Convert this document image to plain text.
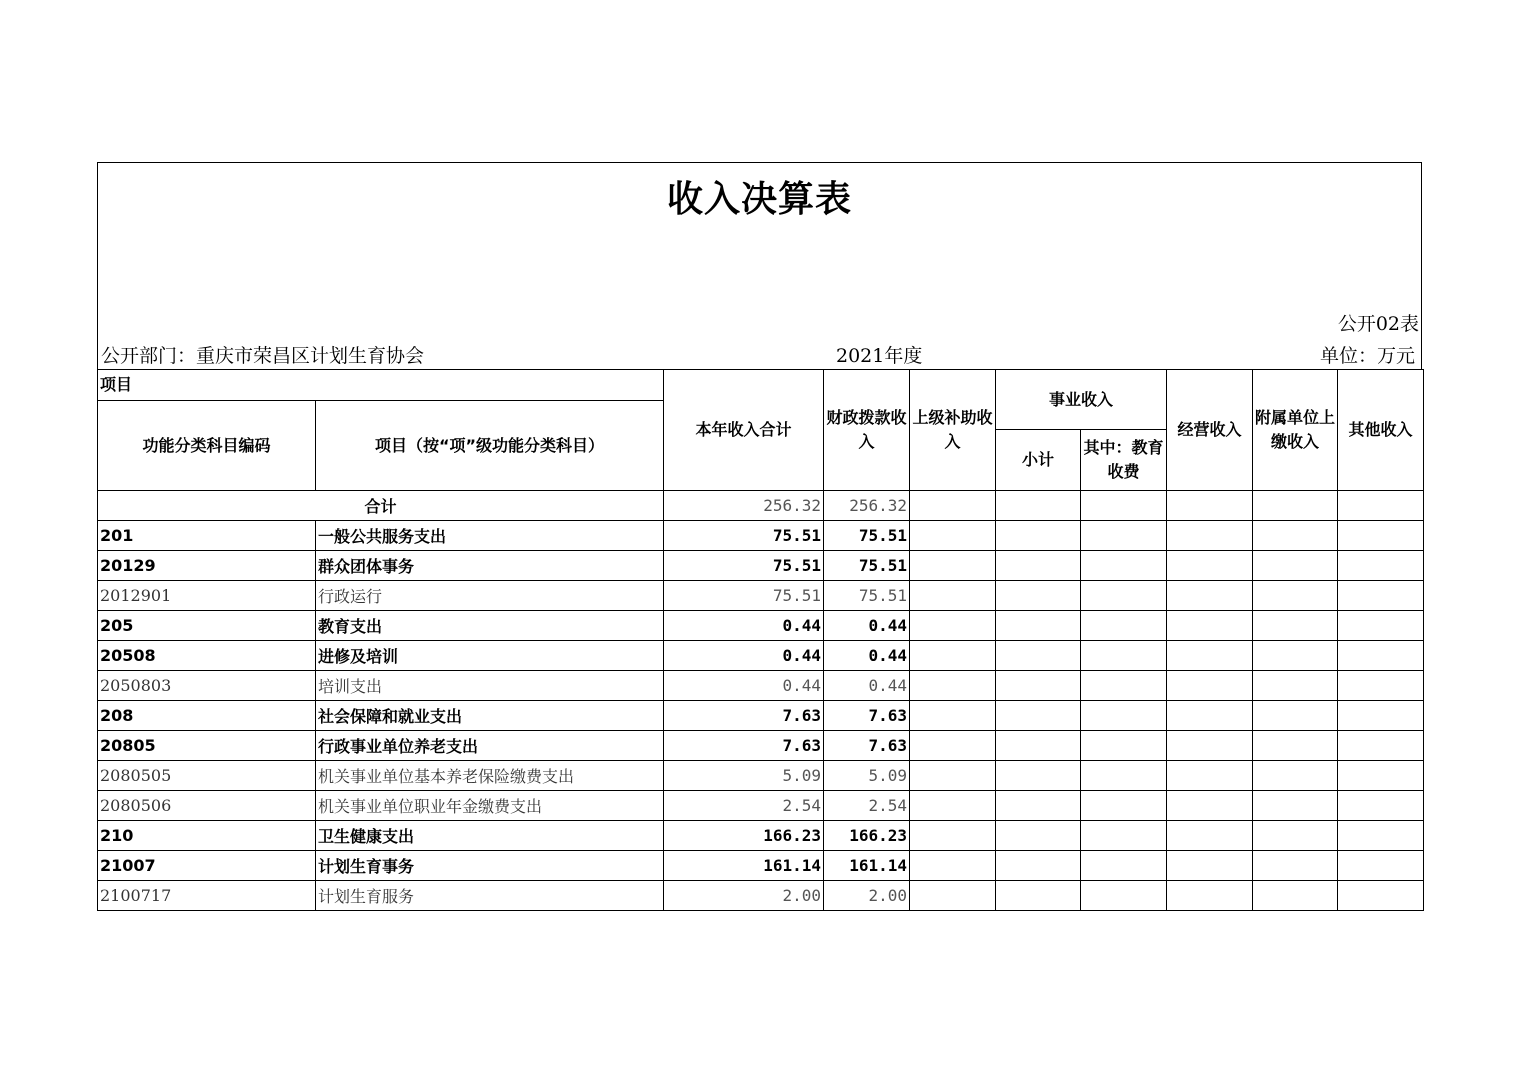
收入决算表
公开02表
公开部门：重庆市荣昌区计划生育协会	2021年度	单位：万元
项目		本年收入合计	财政拨款收入	上级补助收入	事业收入		经营收入	附属单位上缴收入	其他收入
功能分类科目编码	项目（按“项”级功能分类科目）								
					小计	其中：教育收费			
合计		256.32	256.32						
201	一般公共服务支出	75.51	75.51						
20129	群众团体事务	75.51	75.51						
2012901	行政运行	75.51	75.51						
205	教育支出	0.44	0.44						
20508	进修及培训	0.44	0.44						
2050803	培训支出	0.44	0.44						
208	社会保障和就业支出	7.63	7.63						
20805	行政事业单位养老支出	7.63	7.63						
2080505	机关事业单位基本养老保险缴费支出	5.09	5.09						
2080506	机关事业单位职业年金缴费支出	2.54	2.54						
210	卫生健康支出	166.23	166.23						
21007	计划生育事务	161.14	161.14						
2100717	计划生育服务	2.00	2.00						
